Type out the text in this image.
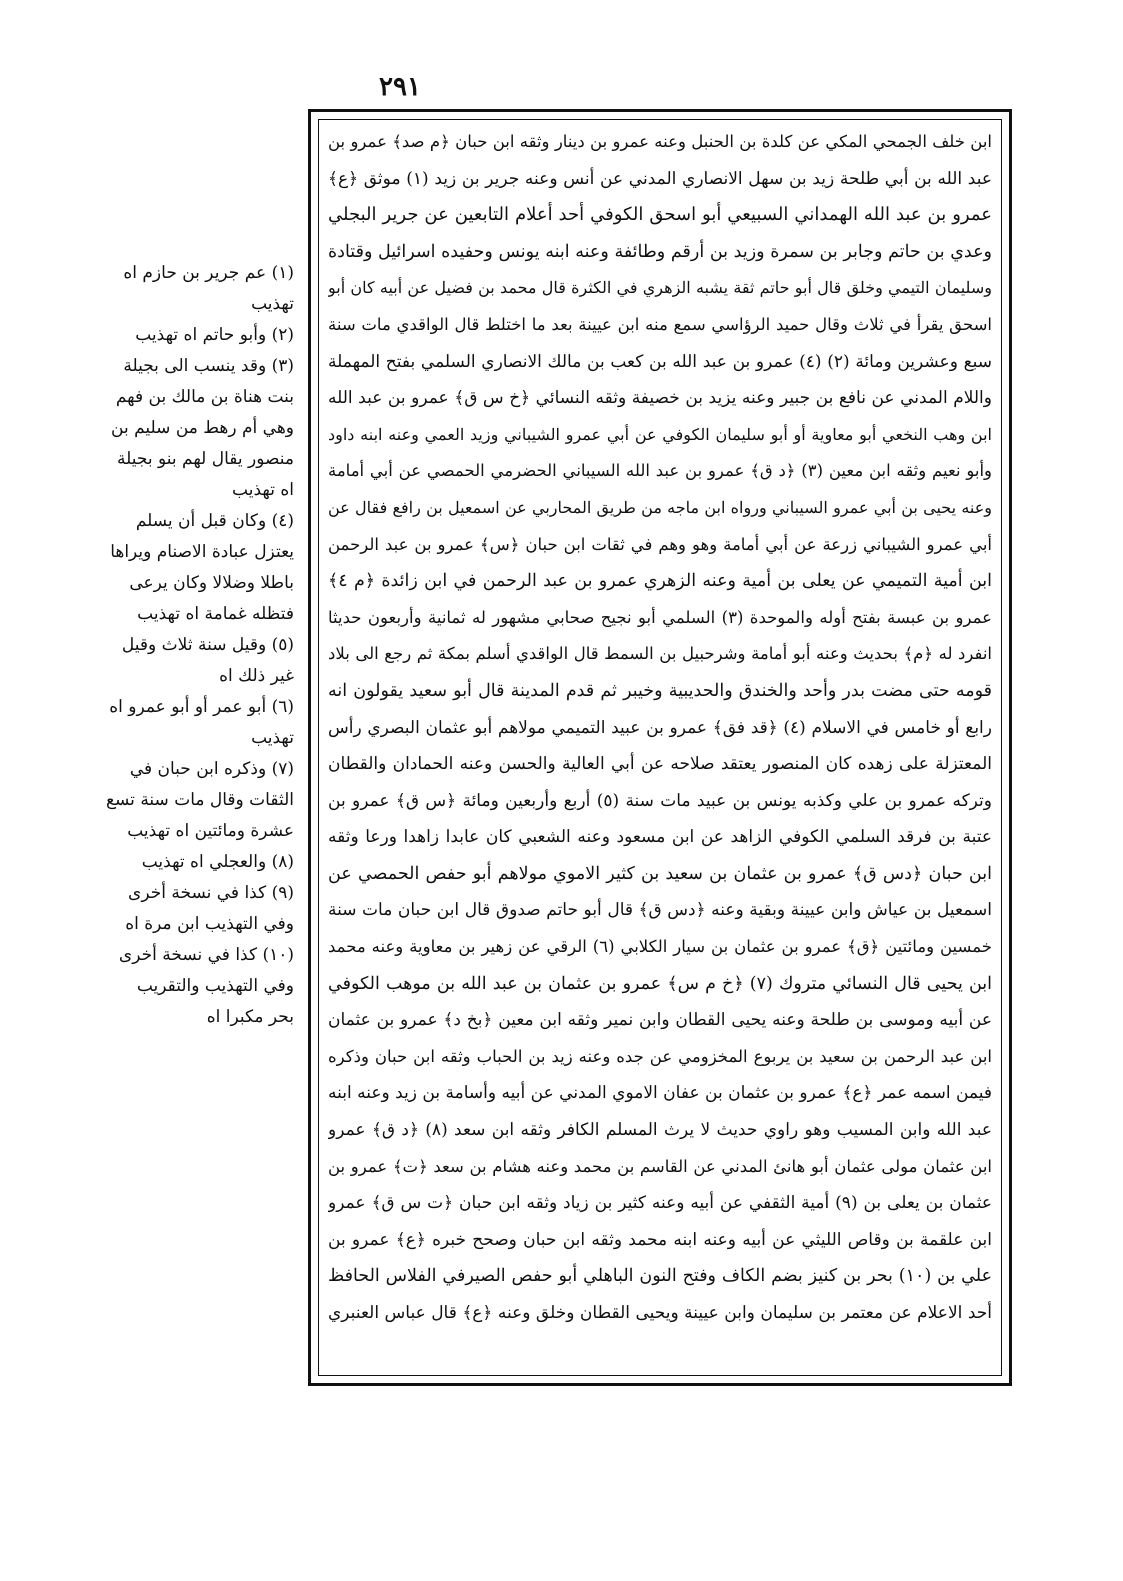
٢٩١
ابن خلف الجمحي المكي عن كلدة بن الحنبل وعنه عمرو بن دينار وثقه ابن حبان ﴿م صد﴾ عمرو بن
عبد الله بن أبي طلحة زيد بن سهل الانصاري المدني عن أنس وعنه جرير بن زيد (١) موثق ﴿ع﴾
عمرو بن عبد الله الهمداني السبيعي أبو اسحق الكوفي أحد أعلام التابعين عن جرير البجلي
وعدي بن حاتم وجابر بن سمرة وزيد بن أرقم وطائفة وعنه ابنه يونس وحفيده اسرائيل وقتادة
وسليمان التيمي وخلق قال أبو حاتم ثقة يشبه الزهري في الكثرة قال محمد بن فضيل عن أبيه كان أبو
اسحق يقرأ في ثلاث وقال حميد الرؤاسي سمع منه ابن عيينة بعد ما اختلط قال الواقدي مات سنة
سبع وعشرين ومائة (٢) (٤) عمرو بن عبد الله بن كعب بن مالك الانصاري السلمي بفتح المهملة
واللام المدني عن نافع بن جبير وعنه يزيد بن خصيفة وثقه النسائي ﴿خ س ق﴾ عمرو بن عبد الله
ابن وهب النخعي أبو معاوية أو أبو سليمان الكوفي عن أبي عمرو الشيباني وزيد العمي وعنه ابنه داود
وأبو نعيم وثقه ابن معين (٣) ﴿د ق﴾ عمرو بن عبد الله السيباني الحضرمي الحمصي عن أبي أمامة
وعنه يحيى بن أبي عمرو السيباني ورواه ابن ماجه من طريق المحاربي عن اسمعيل بن رافع فقال عن
أبي عمرو الشيباني زرعة عن أبي أمامة وهو وهم في ثقات ابن حبان ﴿س﴾ عمرو بن عبد الرحمن
ابن أمية التميمي عن يعلى بن أمية وعنه الزهري عمرو بن عبد الرحمن في ابن زائدة ﴿م ٤﴾
عمرو بن عبسة بفتح أوله والموحدة (٣) السلمي أبو نجيح صحابي مشهور له ثمانية وأربعون حديثا
انفرد له ﴿م﴾ بحديث وعنه أبو أمامة وشرحبيل بن السمط قال الواقدي أسلم بمكة ثم رجع الى بلاد
قومه حتى مضت بدر وأحد والخندق والحديبية وخيبر ثم قدم المدينة قال أبو سعيد يقولون انه
رابع أو خامس في الاسلام (٤) ﴿قد فق﴾ عمرو بن عبيد التميمي مولاهم أبو عثمان البصري رأس
المعتزلة على زهده كان المنصور يعتقد صلاحه عن أبي العالية والحسن وعنه الحمادان والقطان
وتركه عمرو بن علي وكذبه يونس بن عبيد مات سنة (٥) أربع وأربعين ومائة ﴿س ق﴾ عمرو بن
عتبة بن فرقد السلمي الكوفي الزاهد عن ابن مسعود وعنه الشعبي كان عابدا زاهدا ورعا وثقه
ابن حبان ﴿دس ق﴾ عمرو بن عثمان بن سعيد بن كثير الاموي مولاهم أبو حفص الحمصي عن
اسمعيل بن عياش وابن عيينة وبقية وعنه ﴿دس ق﴾ قال أبو حاتم صدوق قال ابن حبان مات سنة
خمسين ومائتين ﴿ق﴾ عمرو بن عثمان بن سيار الكلابي (٦) الرقي عن زهير بن معاوية وعنه محمد
ابن يحيى قال النسائي متروك (٧) ﴿خ م س﴾ عمرو بن عثمان بن عبد الله بن موهب الكوفي
عن أبيه وموسى بن طلحة وعنه يحيى القطان وابن نمير وثقه ابن معين ﴿بخ د﴾ عمرو بن عثمان
ابن عبد الرحمن بن سعيد بن يربوع المخزومي عن جده وعنه زيد بن الحباب وثقه ابن حبان وذكره
فيمن اسمه عمر ﴿ع﴾ عمرو بن عثمان بن عفان الاموي المدني عن أبيه وأسامة بن زيد وعنه ابنه
عبد الله وابن المسيب وهو راوي حديث لا يرث المسلم الكافر وثقه ابن سعد (٨) ﴿د ق﴾ عمرو
ابن عثمان مولى عثمان أبو هانئ المدني عن القاسم بن محمد وعنه هشام بن سعد ﴿ت﴾ عمرو بن
عثمان بن يعلى بن (٩) أمية الثقفي عن أبيه وعنه كثير بن زياد وثقه ابن حبان ﴿ت س ق﴾ عمرو
ابن علقمة بن وقاص الليثي عن أبيه وعنه ابنه محمد وثقه ابن حبان وصحح خبره ﴿ع﴾ عمرو بن
علي بن (١٠) بحر بن كنيز بضم الكاف وفتح النون الباهلي أبو حفص الصيرفي الفلاس الحافظ
أحد الاعلام عن معتمر بن سليمان وابن عيينة ويحيى القطان وخلق وعنه ﴿ع﴾ قال عباس العنبري
(١) عم جرير بن حازم اه
تهذيب
(٢) وأبو حاتم اه تهذيب
(٣) وقد ينسب الى بجيلة
بنت هناة بن مالك بن فهم
وهي أم رهط من سليم بن
منصور يقال لهم بنو بجيلة
اه تهذيب
(٤) وكان قبل أن يسلم
يعتزل عبادة الاصنام ويراها
باطلا وضلالا وكان يرعى
فتظله غمامة اه تهذيب
(٥) وقيل سنة ثلاث وقيل
غير ذلك اه
(٦) أبو عمر أو أبو عمرو اه
تهذيب
(٧) وذكره ابن حبان في
الثقات وقال مات سنة تسع
عشرة ومائتين اه تهذيب
(٨) والعجلي اه تهذيب
(٩) كذا في نسخة أخرى
وفي التهذيب ابن مرة اه
(١٠) كذا في نسخة أخرى
وفي التهذيب والتقريب
بحر مكبرا اه
